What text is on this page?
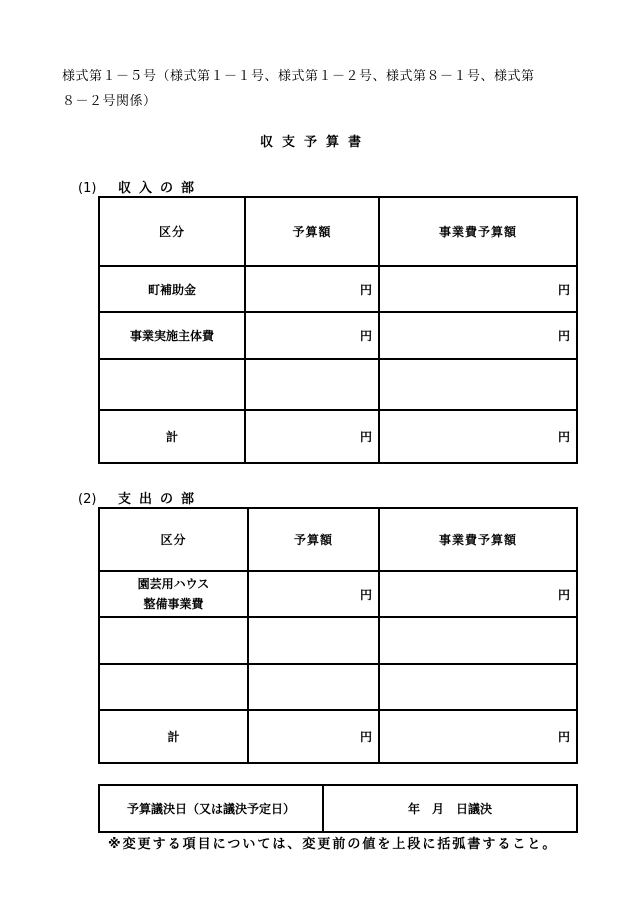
様式第１－５号（様式第１－１号、様式第１－２号、様式第８－１号、様式第

８－２号関係）

収支予算書
(1) 収入の部
区分	予算額	事業費予算額
町補助金	円	円
事業実施主体費	円	円

計	円	円
(2) 支出の部
区分	予算額	事業費予算額

園芸用ハウス
整備事業費	円	円

計	円	円
予算議決日（又は議決予定日）	年　月　日議決
※変更する項目については、変更前の値を上段に括弧書すること。
